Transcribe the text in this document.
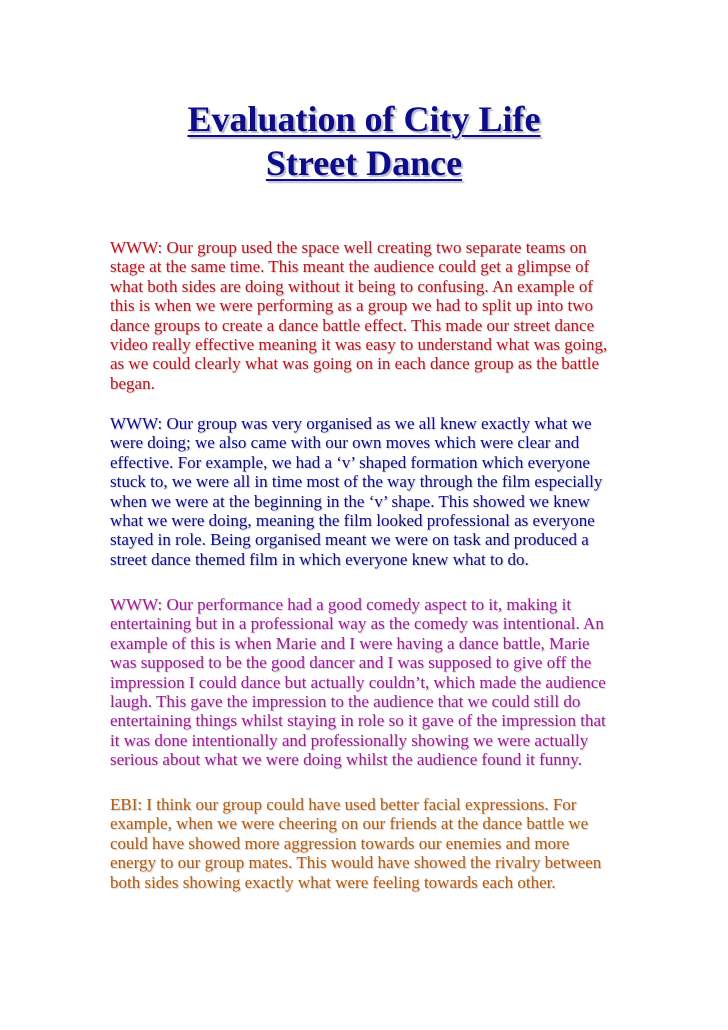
Evaluation of City Life
Street Dance

WWW: Our group used the space well creating two separate teams on
stage at the same time. This meant the audience could get a glimpse of
what both sides are doing without it being to confusing. An example of
this is when we were performing as a group we had to split up into two
dance groups to create a dance battle effect. This made our street dance
video really effective meaning it was easy to understand what was going,
as we could clearly what was going on in each dance group as the battle
began.

WWW: Our group was very organised as we all knew exactly what we
were doing; we also came with our own moves which were clear and
effective. For example, we had a ‘v’ shaped formation which everyone
stuck to, we were all in time most of the way through the film especially
when we were at the beginning in the ‘v’ shape. This showed we knew
what we were doing, meaning the film looked professional as everyone
stayed in role. Being organised meant we were on task and produced a
street dance themed film in which everyone knew what to do.

WWW: Our performance had a good comedy aspect to it, making it
entertaining but in a professional way as the comedy was intentional. An
example of this is when Marie and I were having a dance battle, Marie
was supposed to be the good dancer and I was supposed to give off the
impression I could dance but actually couldn’t, which made the audience
laugh. This gave the impression to the audience that we could still do
entertaining things whilst staying in role so it gave of the impression that
it was done intentionally and professionally showing we were actually
serious about what we were doing whilst the audience found it funny.

EBI: I think our group could have used better facial expressions. For
example, when we were cheering on our friends at the dance battle we
could have showed more aggression towards our enemies and more
energy to our group mates. This would have showed the rivalry between
both sides showing exactly what were feeling towards each other.
